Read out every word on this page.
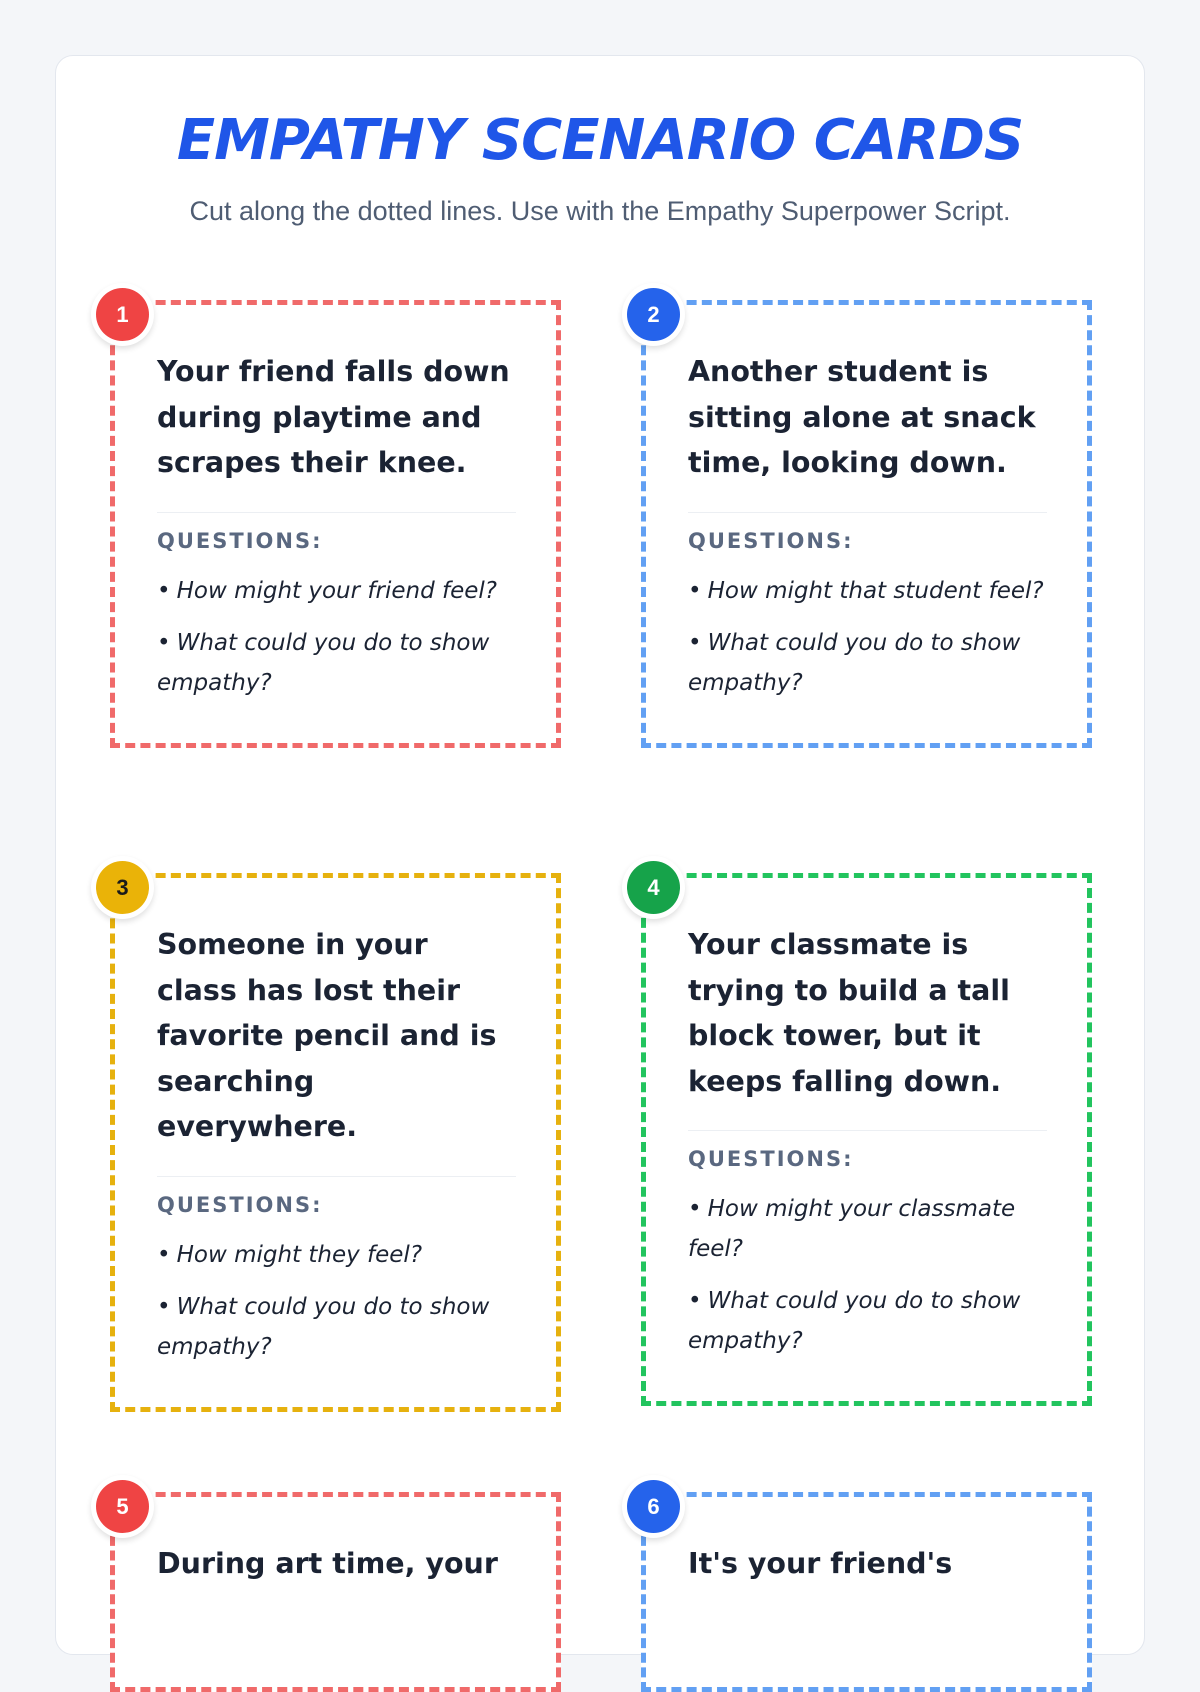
EMPATHY SCENARIO CARDS

Cut along the dotted lines. Use with the Empathy Superpower Script.

1

Your friend falls down during playtime and scrapes their knee.

QUESTIONS:
• How might your friend feel?
• What could you do to show empathy?
2

Another student is sitting alone at snack time, looking down.

QUESTIONS:
• How might that student feel?
• What could you do to show empathy?
3

Someone in your class has lost their favorite pencil and is searching everywhere.

QUESTIONS:
• How might they feel?
• What could you do to show empathy?
4

Your classmate is trying to build a tall block tower, but it keeps falling down.

QUESTIONS:
• How might your classmate feel?
• What could you do to show empathy?
5

During art time, your

6

It's your friend's
